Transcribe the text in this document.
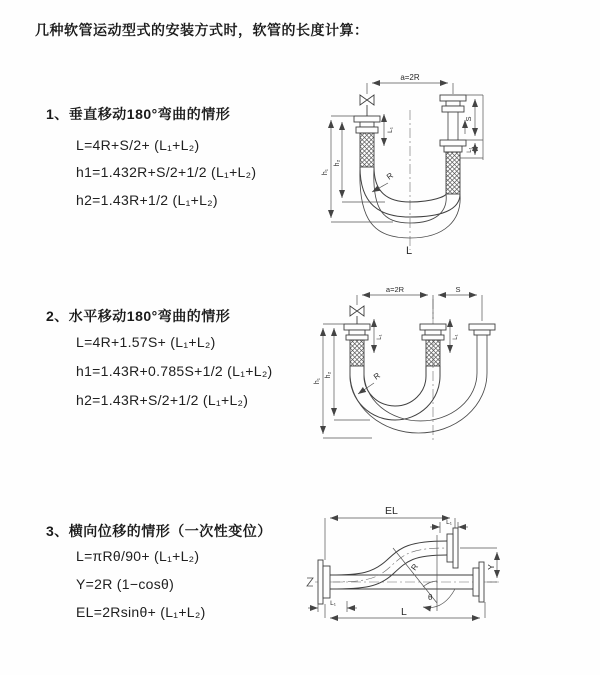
几种软管运动型式的安装方式时，软管的长度计算：
1、垂直移动180°弯曲的情形
L=4R+S/2+ (L₁+L₂)
h1=1.432R+S/2+1/2 (L₁+L₂)
h2=1.43R+1/2 (L₁+L₂)
a=2R
h₁
h₂
L₁
S
L₁
R
L
2、水平移动180°弯曲的情形
L=4R+1.57S+ (L₁+L₂)
h1=1.43R+0.785S+1/2 (L₁+L₂)
h2=1.43R+S/2+1/2 (L₁+L₂)
a=2R	S
h₁
h₂
L₁	L₁
R
3、横向位移的情形（一次性变位）
L=πRθ/90+ (L₁+L₂)
Y=2R (1−cosθ)
EL=2Rsinθ+ (L₁+L₂)
EL
L₁
R
θ
Y
L₁
L
